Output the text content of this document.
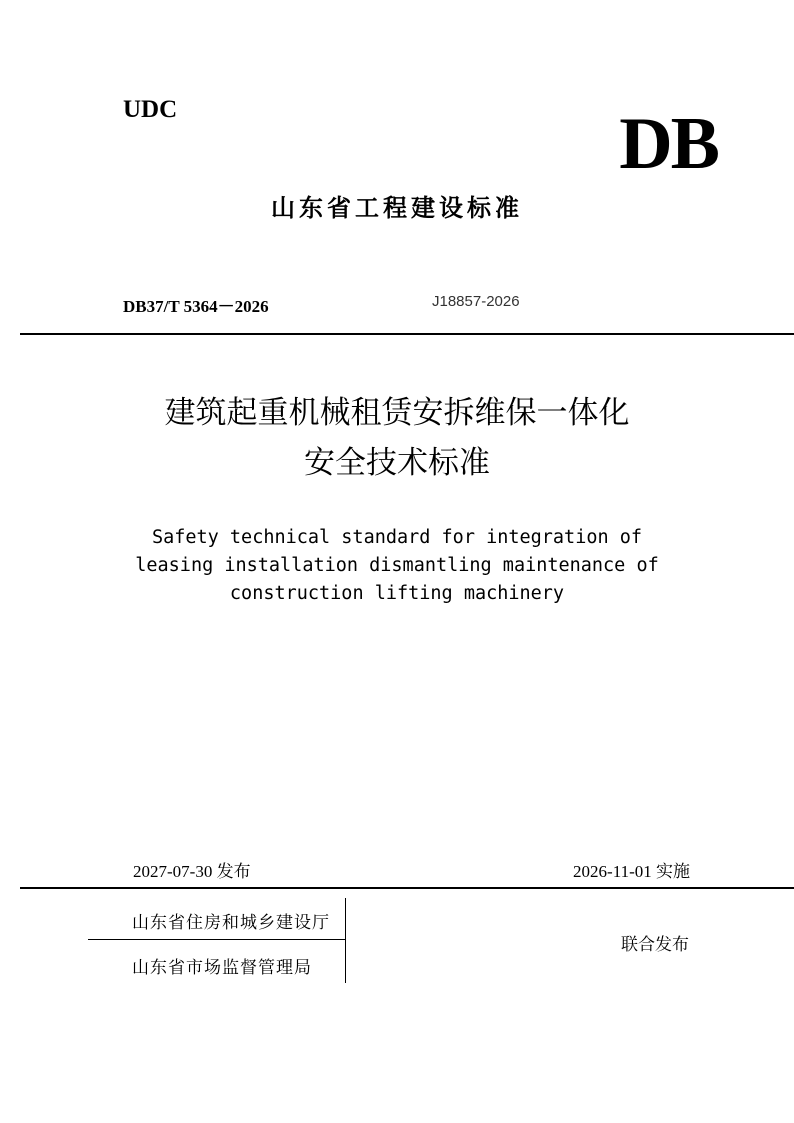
UDC	DB
山东省工程建设标准
DB37/T 5364－2026	J18857-2026
建筑起重机械租赁安拆维保一体化
安全技术标准
Safety technical standard for integration of leasing installation dismantling maintenance of construction lifting machinery
2027-07-30 发布	2026-11-01 实施
山东省住房和城乡建设厅
山东省市场监督管理局
联合发布
